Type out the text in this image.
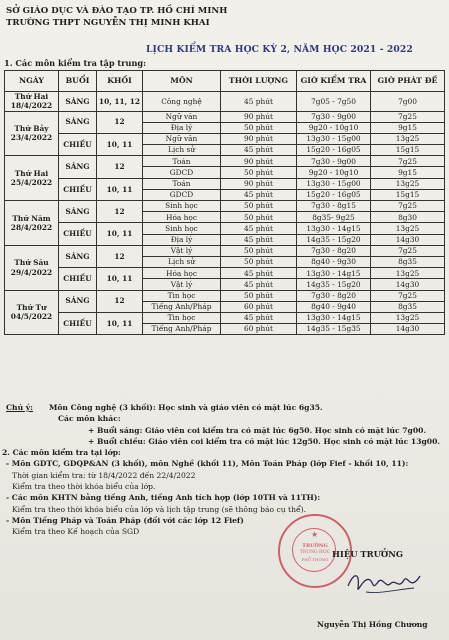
SỞ GIÁO DỤC VÀ ĐÀO TẠO TP. HỒ CHÍ MINH
TRƯỜNG THPT NGUYỄN THỊ MINH KHAI
LỊCH KIỂM TRA HỌC KỲ 2, NĂM HỌC 2021 - 2022
1. Các môn kiểm tra tập trung:
NGÀY	BUỔI	KHỐI	MÔN	THỜI LƯỢNG	GIỜ KIỂM TRA	GIỜ PHÁT ĐỀ

Thứ Hai
18/4/2022	SÁNG	10, 11, 12	Công nghệ	45 phút	7g05 - 7g50	7g00

Thứ Bảy
23/4/2022	SÁNG	12	Ngữ văn	90 phút	7g30 - 9g00	7g25
			Địa lý	50 phút	9g20 - 10g10	9g15
	CHIỀU	10, 11	Ngữ văn	90 phút	13g30 - 15g00	13g25
			Lịch sử	45 phút	15g20 - 16g05	15g15

Thứ Hai
25/4/2022	SÁNG	12	Toán	90 phút	7g30 - 9g00	7g25
			GDCD	50 phút	9g20 - 10g10	9g15
	CHIỀU	10, 11	Toán	90 phút	13g30 - 15g00	13g25
			GDCD	45 phút	15g20 - 16g05	15g15

Thứ Năm
28/4/2022	SÁNG	12	Sinh học	50 phút	7g30 - 8g15	7g25
			Hóa học	50 phút	8g35- 9g25	8g30
	CHIỀU	10, 11	Sinh học	45 phút	13g30 - 14g15	13g25
			Địa lý	45 phút	14g35 - 15g20	14g30

Thứ Sáu
29/4/2022	SÁNG	12	Vật lý	50 phút	7g30 - 8g20	7g25
			Lịch sử	50 phút	8g40 - 9g30	8g35
	CHIỀU	10, 11	Hóa học	45 phút	13g30 - 14g15	13g25
			Vật lý	45 phút	14g35 - 15g20	14g30

Thứ Tư
04/5/2022	SÁNG	12	Tin học	50 phút	7g30 - 8g20	7g25
			Tiếng Anh/Pháp	60 phút	8g40 - 9g40	8g35
	CHIỀU	10, 11	Tin học	45 phút	13g30 - 14g15	13g25
			Tiếng Anh/Pháp	60 phút	14g35 - 15g35	14g30
Chú ý: Môn Công nghệ (3 khối): Học sinh và giáo viên có mặt lúc 6g35.
Các môn khác:
+ Buổi sáng: Giáo viên coi kiểm tra có mặt lúc 6g50. Học sinh có mặt lúc 7g00.
+ Buổi chiều: Giáo viên coi kiểm tra có mặt lúc 12g50. Học sinh có mặt lúc 13g00.
2. Các môn kiểm tra tại lớp:
- Môn GDTC, GDQP&AN (3 khối), môn Nghề (khối 11), Môn Toán Pháp (lớp Fief - khối 10, 11):
Thời gian kiểm tra: từ 18/4/2022 đến 22/4/2022
Kiểm tra theo thời khóa biểu của lớp.
- Các môn KHTN bằng tiếng Anh, tiếng Anh tích hợp (lớp 10TH và 11TH):
Kiểm tra theo thời khóa biểu của lớp và lịch tập trung (sẽ thông báo cụ thể).
- Môn Tiếng Pháp và Toán Pháp (đối với các lớp 12 Fief)
Kiểm tra theo Kế hoạch của SGD	★
TRƯỜNG
TRUNG HỌC
PHỔ THÔNG
HIỆU TRƯỞNG
Nguyễn Thị Hồng Chương
